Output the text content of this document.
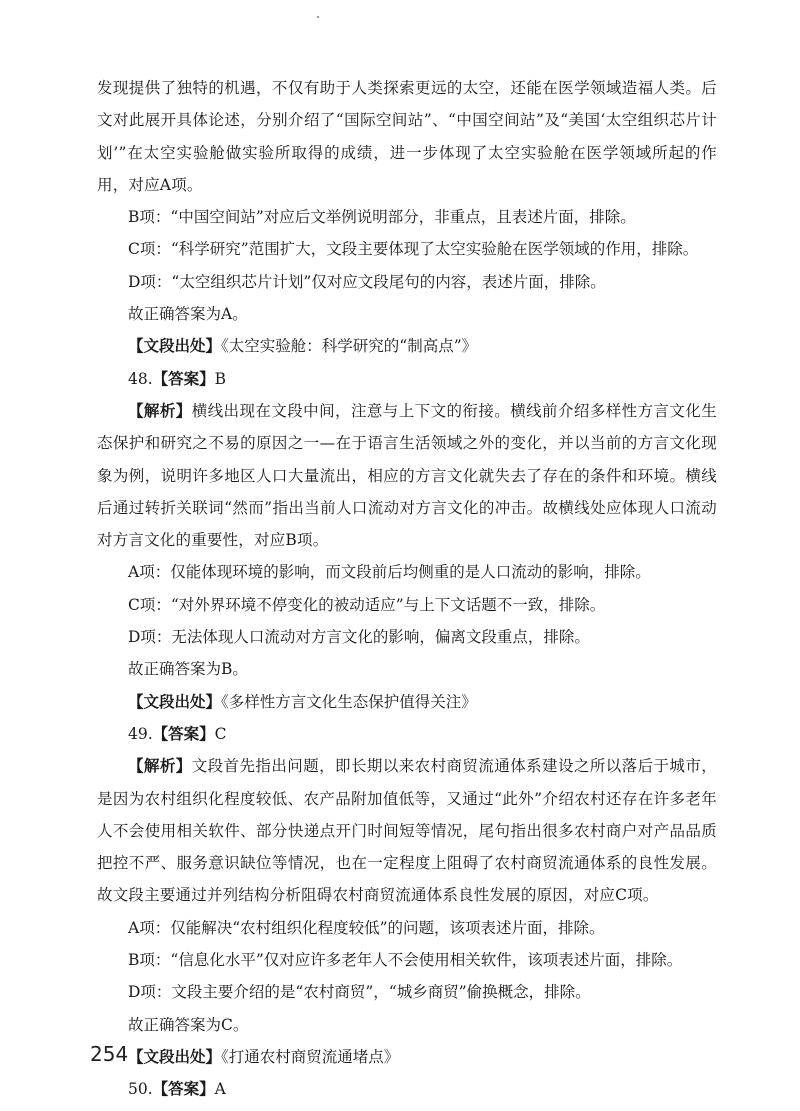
发现提供了独特的机遇，不仅有助于人类探索更远的太空，还能在医学领域造福人类。后文对此展开具体论述，分别介绍了“国际空间站”、“中国空间站”及“美国‘太空组织芯片计划’”在太空实验舱做实验所取得的成绩，进一步体现了太空实验舱在医学领域所起的作用，对应A项。

B项：“中国空间站”对应后文举例说明部分，非重点，且表述片面，排除。

C项：“科学研究”范围扩大，文段主要体现了太空实验舱在医学领域的作用，排除。

D项：“太空组织芯片计划”仅对应文段尾句的内容，表述片面，排除。

故正确答案为A。

【文段出处】《太空实验舱：科学研究的“制高点”》

48.【答案】B

【解析】横线出现在文段中间，注意与上下文的衔接。横线前介绍多样性方言文化生态保护和研究之不易的原因之一—在于语言生活领域之外的变化，并以当前的方言文化现象为例，说明许多地区人口大量流出，相应的方言文化就失去了存在的条件和环境。横线后通过转折关联词“然而”指出当前人口流动对方言文化的冲击。故横线处应体现人口流动对方言文化的重要性，对应B项。

A项：仅能体现环境的影响，而文段前后均侧重的是人口流动的影响，排除。

C项：“对外界环境不停变化的被动适应”与上下文话题不一致，排除。

D项：无法体现人口流动对方言文化的影响，偏离文段重点，排除。

故正确答案为B。

【文段出处】《多样性方言文化生态保护值得关注》

49.【答案】C

【解析】文段首先指出问题，即长期以来农村商贸流通体系建设之所以落后于城市，是因为农村组织化程度较低、农产品附加值低等，又通过“此外”介绍农村还存在许多老年人不会使用相关软件、部分快递点开门时间短等情况，尾句指出很多农村商户对产品品质把控不严、服务意识缺位等情况，也在一定程度上阻碍了农村商贸流通体系的良性发展。故文段主要通过并列结构分析阻碍农村商贸流通体系良性发展的原因，对应C项。

A项：仅能解决“农村组织化程度较低”的问题，该项表述片面，排除。

B项：“信息化水平”仅对应许多老年人不会使用相关软件，该项表述片面，排除。

D项：文段主要介绍的是“农村商贸”，“城乡商贸”偷换概念，排除。

故正确答案为C。

【文段出处】《打通农村商贸流通堵点》

50.【答案】A

254
